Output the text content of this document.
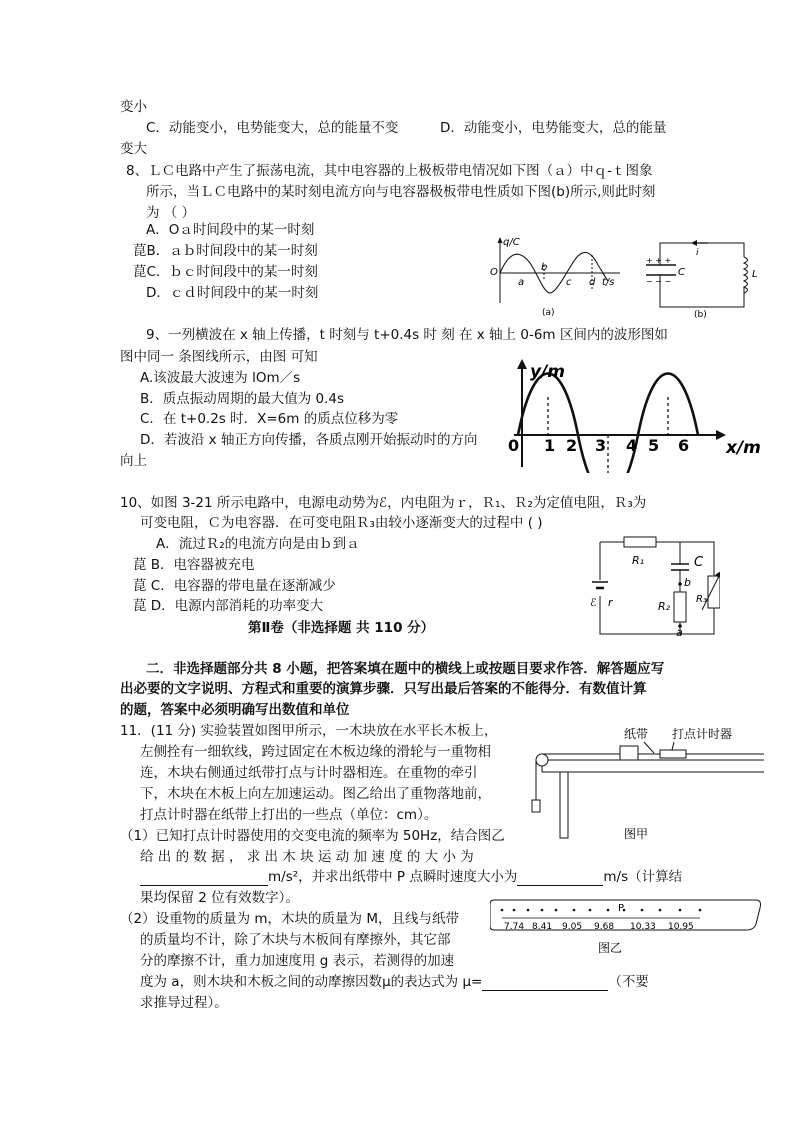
变小
C．动能变小，电势能变大，总的能量不变	D．动能变小，电势能变大，总的能量
变大
8、ＬＣ电路中产生了振荡电流，其中电容器的上极板带电情况如下图（ａ）中ｑ-ｔ图象
所示，当ＬＣ电路中的某时刻电流方向与电容器极板带电性质如下图(b)所示,则此时刻
为 （ ）
A．Oａ时间段中的某一时刻
菎B．ａｂ时间段中的某一时刻
菎C．ｂｃ时间段中的某一时刻
D．ｃｄ时间段中的某一时刻
q/C
O
a
b
c d t/s
(a)
+ + +
− − −
C	L
i
(b)
9、一列横波在 x 轴上传播，t 时刻与 t+0.4s 时 刻 在 x 轴上 0-6m 区间内的波形图如
图中同一 条图线所示，由图 可知
A.该波最大波速为 lOm／s
B．质点振动周期的最大值为 0.4s
C．在 t+0.2s 时．X=6m 的质点位移为零
D．若波沿 x 轴正方向传播，各质点刚开始振动时的方向
向上
y/m
x/m
0 1 2 3 4 5 6
10、如图 3-21 所示电路中，电源电动势为ℰ，内电阻为ｒ，Ｒ₁、Ｒ₂为定值电阻，Ｒ₃为
可变电阻，Ｃ为电容器．在可变电阻Ｒ₃由较小逐渐变大的过程中 ( )
A．流过Ｒ₂的电流方向是由ｂ到ａ
菎 B．电容器被充电
菎 C．电容器的带电量在逐渐减少
菎 D．电源内部消耗的功率变大
R₁	C
b
R₂
R₃
a
ℰ r
第Ⅱ卷（非选择题 共 110 分）
二．非选择题部分共 8 小题，把答案填在题中的横线上或按题目要求作答．解答题应写
出必要的文字说明、方程式和重要的演算步骤．只写出最后答案的不能得分．有数值计算
的题，答案中必须明确写出数值和单位
11．(11 分) 实验装置如图甲所示，一木块放在水平长木板上，
左侧拴有一细软线，跨过固定在木板边缘的滑轮与一重物相
连，木块右侧通过纸带打点与计时器相连。在重物的牵引
下，木块在木板上向左加速运动。图乙给出了重物落地前，
打点计时器在纸带上打出的一些点（单位：cm）。
（1）已知打点计时器使用的交变电流的频率为 50Hz，结合图乙
给 出 的 数 据 ， 求 出 木 块 运 动 加 速 度 的 大 小 为
m/s²，并求出纸带中 P 点瞬时速度大小为	m/s（计算结
果均保留 2 位有效数字）。
（2）设重物的质量为 m，木块的质量为 M，且线与纸带
的质量均不计，除了木块与木板间有摩擦外，其它部
分的摩擦不计，重力加速度用 g 表示，若测得的加速
度为 a，则木块和木板之间的动摩擦因数μ的表达式为 μ=	（不要
求推导过程）。
纸带 打点计时器
图甲
P
7.74 8.41 9.05 9.68 10.33 10.95
图乙
